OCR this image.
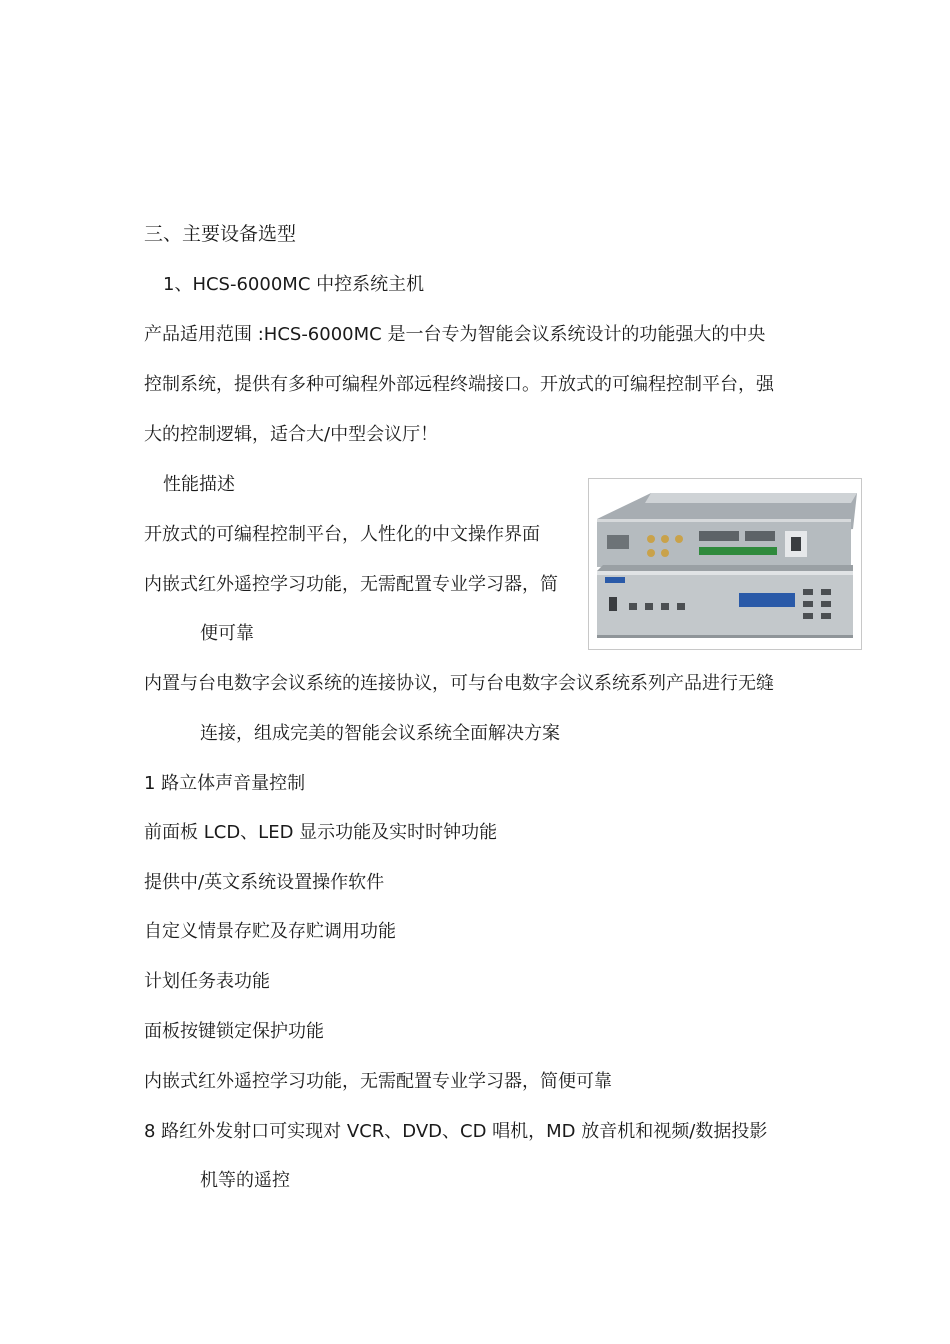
三、主要设备选型
1、HCS-6000MC 中控系统主机
产品适用范围 :HCS-6000MC 是一台专为智能会议系统设计的功能强大的中央
控制系统，提供有多种可编程外部远程终端接口。开放式的可编程控制平台，强
大的控制逻辑，适合大/中型会议厅！
性能描述
开放式的可编程控制平台，人性化的中文操作界面
内嵌式红外遥控学习功能，无需配置专业学习器，简
便可靠
内置与台电数字会议系统的连接协议，可与台电数字会议系统系列产品进行无缝
连接，组成完美的智能会议系统全面解决方案
1 路立体声音量控制
前面板 LCD、LED 显示功能及实时时钟功能
提供中/英文系统设置操作软件
自定义情景存贮及存贮调用功能
计划任务表功能
面板按键锁定保护功能
内嵌式红外遥控学习功能，无需配置专业学习器，简便可靠
8 路红外发射口可实现对 VCR、DVD、CD 唱机，MD 放音机和视频/数据投影
机等的遥控
